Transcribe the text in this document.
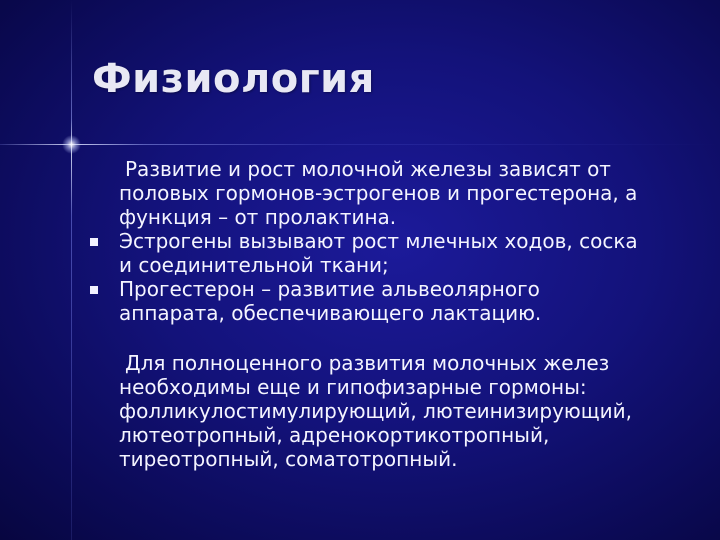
Физиология
Развитие и рост молочной железы зависят от
половых гормонов-эстрогенов и прогестерона, а
функция – от пролактина.
Эстрогены вызывают рост млечных ходов, соска
и соединительной ткани;
Прогестерон – развитие альвеолярного
аппарата, обеспечивающего лактацию.
Для полноценного развития молочных желез
необходимы еще и гипофизарные гормоны:
фолликулостимулирующий, лютеинизирующий,
лютеотропный, адренокортикотропный,
тиреотропный, соматотропный.
